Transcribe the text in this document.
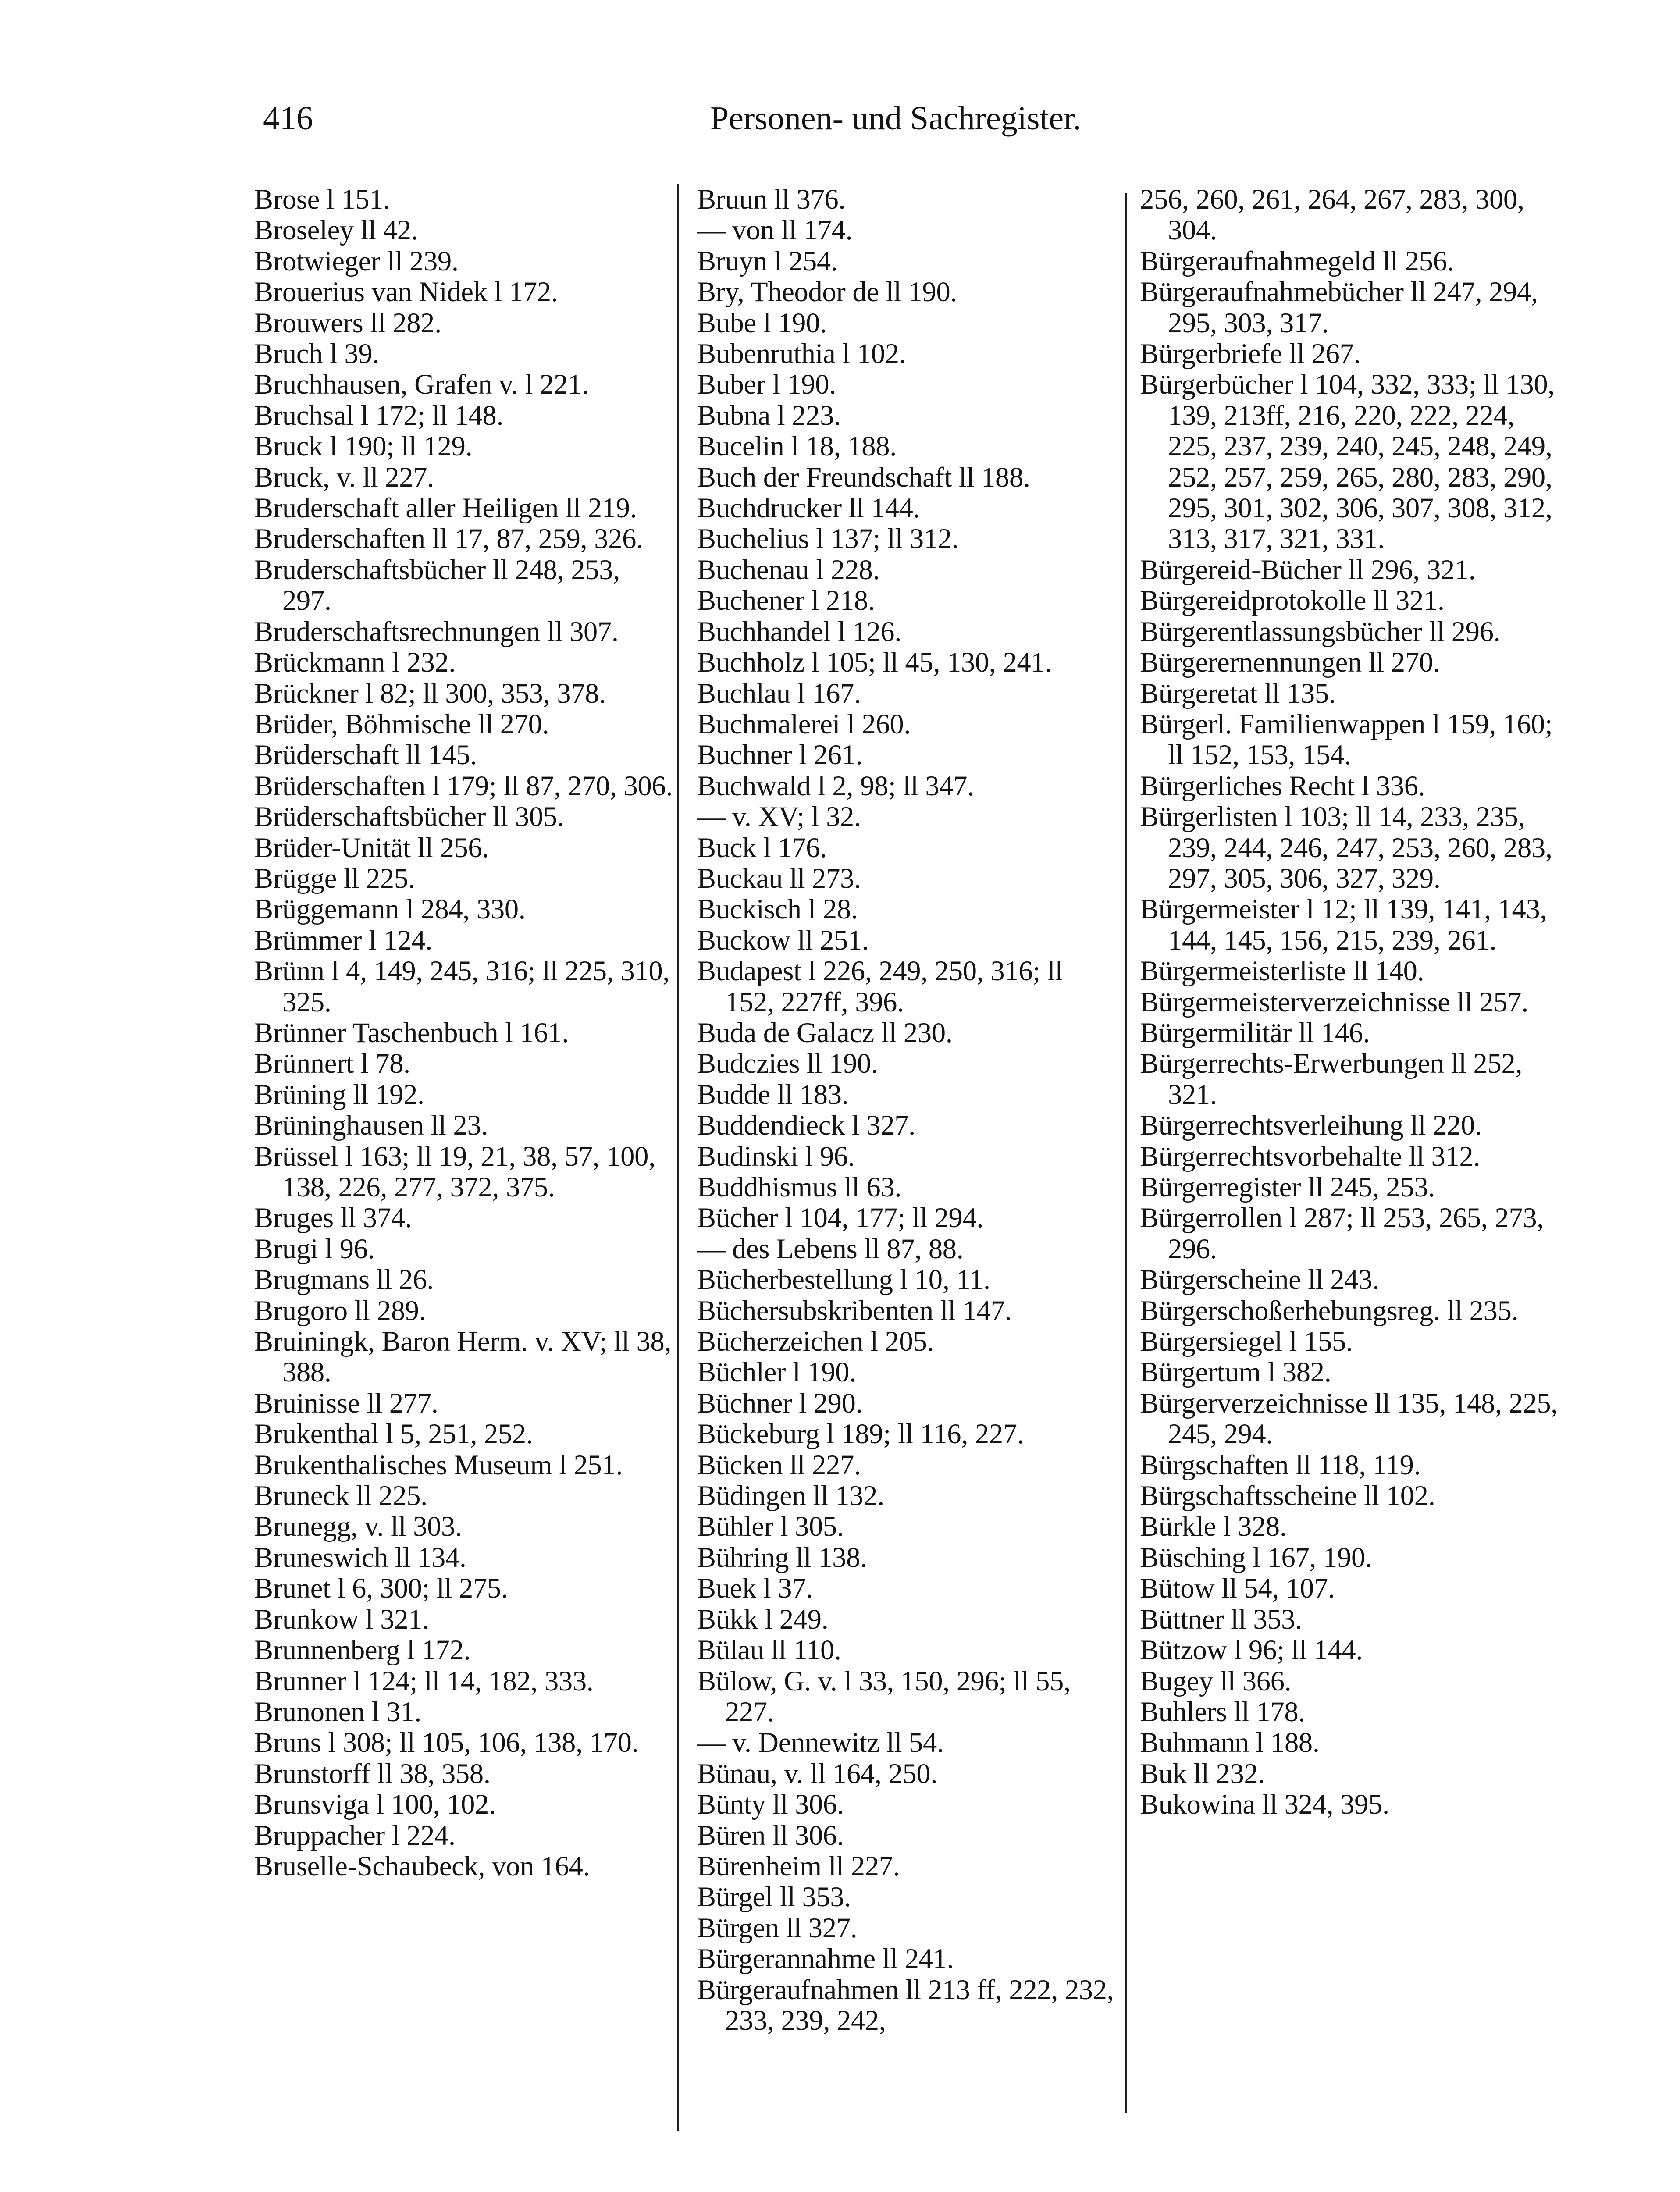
416	Personen- und Sachregister.

Brose l 151.

Broseley ll 42.

Brotwieger ll 239.

Brouerius van Nidek l 172.

Brouwers ll 282.

Bruch l 39.

Bruchhausen, Grafen v. l 221.

Bruchsal l 172; ll 148.

Bruck l 190; ll 129.

Bruck, v. ll 227.

Bruderschaft aller Heiligen ll 219.

Bruderschaften ll 17, 87, 259, 326.

Bruderschaftsbücher ll 248, 253, 297.

Bruderschaftsrechnungen ll 307.

Brückmann l 232.

Brückner l 82; ll 300, 353, 378.

Brüder, Böhmische ll 270.

Brüderschaft ll 145.

Brüderschaften l 179; ll 87, 270, 306.

Brüderschaftsbücher ll 305.

Brüder-Unität ll 256.

Brügge ll 225.

Brüggemann l 284, 330.

Brümmer l 124.

Brünn l 4, 149, 245, 316; ll 225, 310, 325.

Brünner Taschenbuch l 161.

Brünnert l 78.

Brüning ll 192.

Brüninghausen ll 23.

Brüssel l 163; ll 19, 21, 38, 57, 100, 138, 226, 277, 372, 375.

Bruges ll 374.

Brugi l 96.

Brugmans ll 26.

Brugoro ll 289.

Bruiningk, Baron Herm. v. XV; ll 38, 388.

Bruinisse ll 277.

Brukenthal l 5, 251, 252.

Brukenthalisches Museum l 251.

Bruneck ll 225.

Brunegg, v. ll 303.

Bruneswich ll 134.

Brunet l 6, 300; ll 275.

Brunkow l 321.

Brunnenberg l 172.

Brunner l 124; ll 14, 182, 333.

Brunonen l 31.

Bruns l 308; ll 105, 106, 138, 170.

Brunstorff ll 38, 358.

Brunsviga l 100, 102.

Bruppacher l 224.

Bruselle-Schaubeck, von 164.

Bruun ll 376.

— von ll 174.

Bruyn l 254.

Bry, Theodor de ll 190.

Bube l 190.

Bubenruthia l 102.

Buber l 190.

Bubna l 223.

Bucelin l 18, 188.

Buch der Freundschaft ll 188.

Buchdrucker ll 144.

Buchelius l 137; ll 312.

Buchenau l 228.

Buchener l 218.

Buchhandel l 126.

Buchholz l 105; ll 45, 130, 241.

Buchlau l 167.

Buchmalerei l 260.

Buchner l 261.

Buchwald l 2, 98; ll 347.

— v. XV; l 32.

Buck l 176.

Buckau ll 273.

Buckisch l 28.

Buckow ll 251.

Budapest l 226, 249, 250, 316; ll 152, 227ff, 396.

Buda de Galacz ll 230.

Budczies ll 190.

Budde ll 183.

Buddendieck l 327.

Budinski l 96.

Buddhismus ll 63.

Bücher l 104, 177; ll 294.

— des Lebens ll 87, 88.

Bücherbestellung l 10, 11.

Büchersubskribenten ll 147.

Bücherzeichen l 205.

Büchler l 190.

Büchner l 290.

Bückeburg l 189; ll 116, 227.

Bücken ll 227.

Büdingen ll 132.

Bühler l 305.

Bühring ll 138.

Buek l 37.

Bükk l 249.

Bülau ll 110.

Bülow, G. v. l 33, 150, 296; ll 55, 227.

— v. Dennewitz ll 54.

Bünau, v. ll 164, 250.

Bünty ll 306.

Büren ll 306.

Bürenheim ll 227.

Bürgel ll 353.

Bürgen ll 327.

Bürgerannahme ll 241.

Bürgeraufnahmen ll 213 ff, 222, 232, 233, 239, 242,

256, 260, 261, 264, 267, 283, 300, 304.

Bürgeraufnahmegeld ll 256.

Bürgeraufnahmebücher ll 247, 294, 295, 303, 317.

Bürgerbriefe ll 267.

Bürgerbücher l 104, 332, 333; ll 130, 139, 213ff, 216, 220, 222, 224, 225, 237, 239, 240, 245, 248, 249, 252, 257, 259, 265, 280, 283, 290, 295, 301, 302, 306, 307, 308, 312, 313, 317, 321, 331.

Bürgereid-Bücher ll 296, 321.

Bürgereidprotokolle ll 321.

Bürgerentlassungsbücher ll 296.

Bürgerernennungen ll 270.

Bürgeretat ll 135.

Bürgerl. Familienwappen l 159, 160; ll 152, 153, 154.

Bürgerliches Recht l 336.

Bürgerlisten l 103; ll 14, 233, 235, 239, 244, 246, 247, 253, 260, 283, 297, 305, 306, 327, 329.

Bürgermeister l 12; ll 139, 141, 143, 144, 145, 156, 215, 239, 261.

Bürgermeisterliste ll 140.

Bürgermeisterverzeichnisse ll 257.

Bürgermilitär ll 146.

Bürgerrechts-Erwerbungen ll 252, 321.

Bürgerrechtsverleihung ll 220.

Bürgerrechtsvorbehalte ll 312.

Bürgerregister ll 245, 253.

Bürgerrollen l 287; ll 253, 265, 273, 296.

Bürgerscheine ll 243.

Bürgerschoßerhebungsreg. ll 235.

Bürgersiegel l 155.

Bürgertum l 382.

Bürgerverzeichnisse ll 135, 148, 225, 245, 294.

Bürgschaften ll 118, 119.

Bürgschaftsscheine ll 102.

Bürkle l 328.

Büsching l 167, 190.

Bütow ll 54, 107.

Büttner ll 353.

Bützow l 96; ll 144.

Bugey ll 366.

Buhlers ll 178.

Buhmann l 188.

Buk ll 232.

Bukowina ll 324, 395.
